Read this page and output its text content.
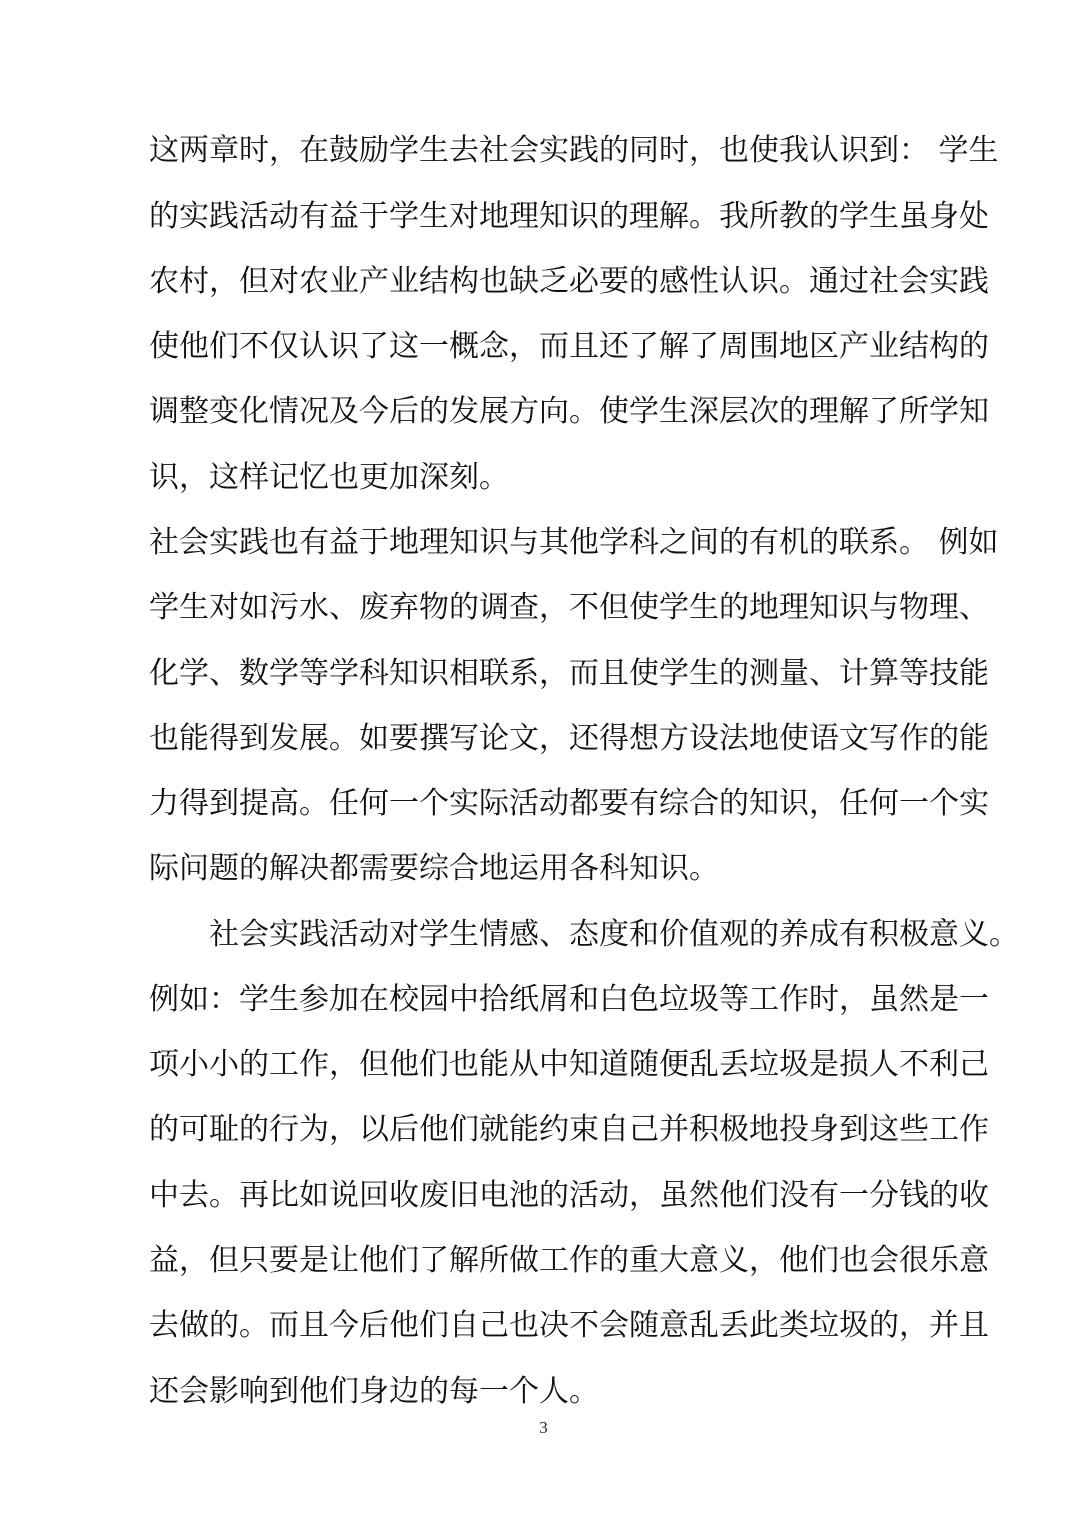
这两章时，在鼓励学生去社会实践的同时，也使我认识到： 学生

的实践活动有益于学生对地理知识的理解。我所教的学生虽身处

农村，但对农业产业结构也缺乏必要的感性认识。通过社会实践

使他们不仅认识了这一概念，而且还了解了周围地区产业结构的

调整变化情况及今后的发展方向。使学生深层次的理解了所学知

识，这样记忆也更加深刻。

社会实践也有益于地理知识与其他学科之间的有机的联系。 例如

学生对如污水、废弃物的调查，不但使学生的地理知识与物理、

化学、数学等学科知识相联系，而且使学生的测量、计算等技能

也能得到发展。如要撰写论文，还得想方设法地使语文写作的能

力得到提高。任何一个实际活动都要有综合的知识，任何一个实

际问题的解决都需要综合地运用各科知识。

社会实践活动对学生情感、态度和价值观的养成有积极意义。

例如：学生参加在校园中拾纸屑和白色垃圾等工作时，虽然是一

项小小的工作，但他们也能从中知道随便乱丢垃圾是损人不利己

的可耻的行为，以后他们就能约束自己并积极地投身到这些工作

中去。再比如说回收废旧电池的活动，虽然他们没有一分钱的收

益，但只要是让他们了解所做工作的重大意义，他们也会很乐意

去做的。而且今后他们自己也决不会随意乱丢此类垃圾的，并且

还会影响到他们身边的每一个人。

3
